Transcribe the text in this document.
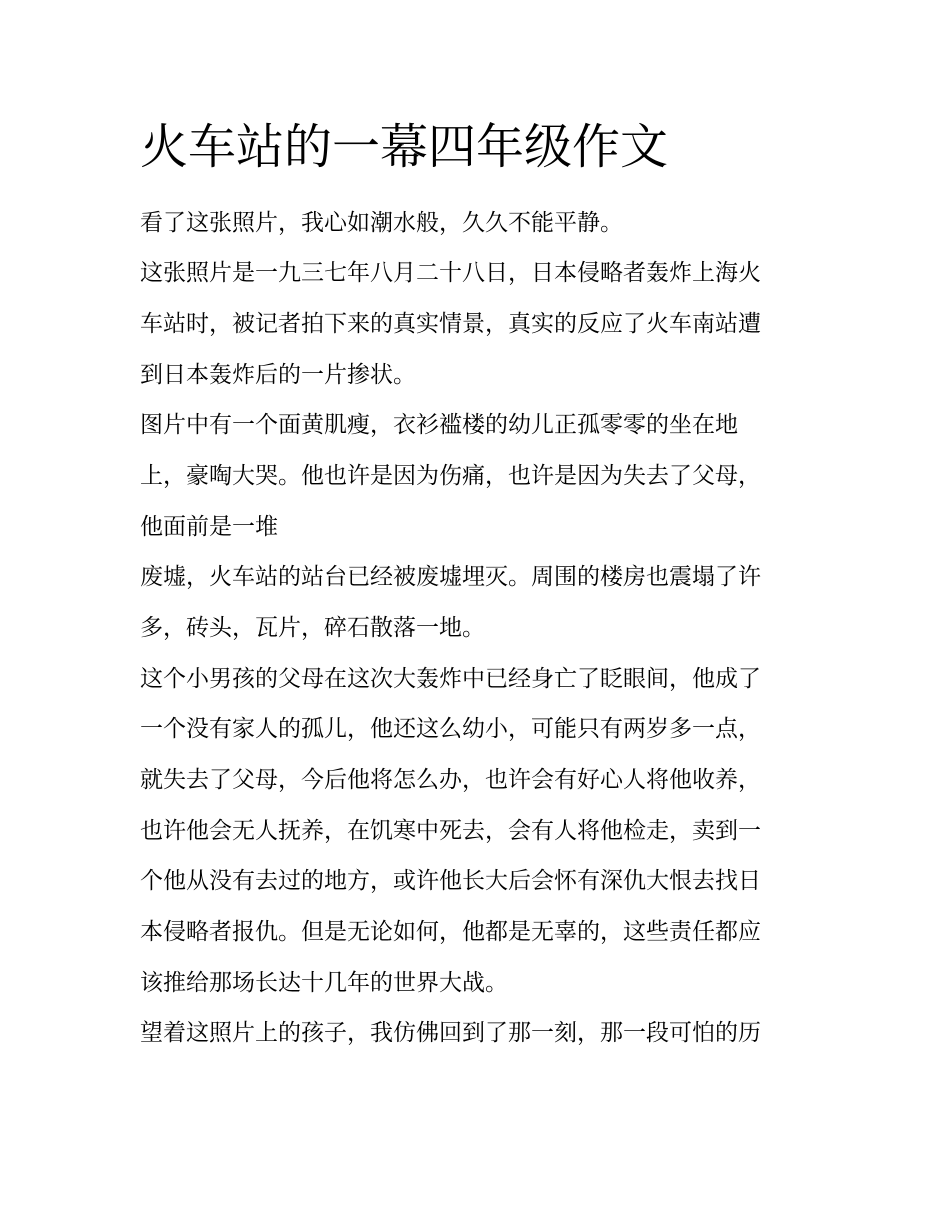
火车站的一幕四年级作文

看了这张照片，我心如潮水般，久久不能平静。

这张照片是一九三七年八月二十八日，日本侵略者轰炸上海火

车站时，被记者拍下来的真实情景，真实的反应了火车南站遭

到日本轰炸后的一片掺状。

图片中有一个面黄肌瘦，衣衫褴楼的幼儿正孤零零的坐在地

上，豪啕大哭。他也许是因为伤痛，也许是因为失去了父母，

他面前是一堆

废墟，火车站的站台已经被废墟埋灭。周围的楼房也震塌了许

多，砖头，瓦片，碎石散落一地。

这个小男孩的父母在这次大轰炸中已经身亡了眨眼间，他成了

一个没有家人的孤儿，他还这么幼小，可能只有两岁多一点，

就失去了父母，今后他将怎么办，也许会有好心人将他收养，

也许他会无人抚养，在饥寒中死去，会有人将他检走，卖到一

个他从没有去过的地方，或许他长大后会怀有深仇大恨去找日

本侵略者报仇。但是无论如何，他都是无辜的，这些责任都应

该推给那场长达十几年的世界大战。

望着这照片上的孩子，我仿佛回到了那一刻，那一段可怕的历
